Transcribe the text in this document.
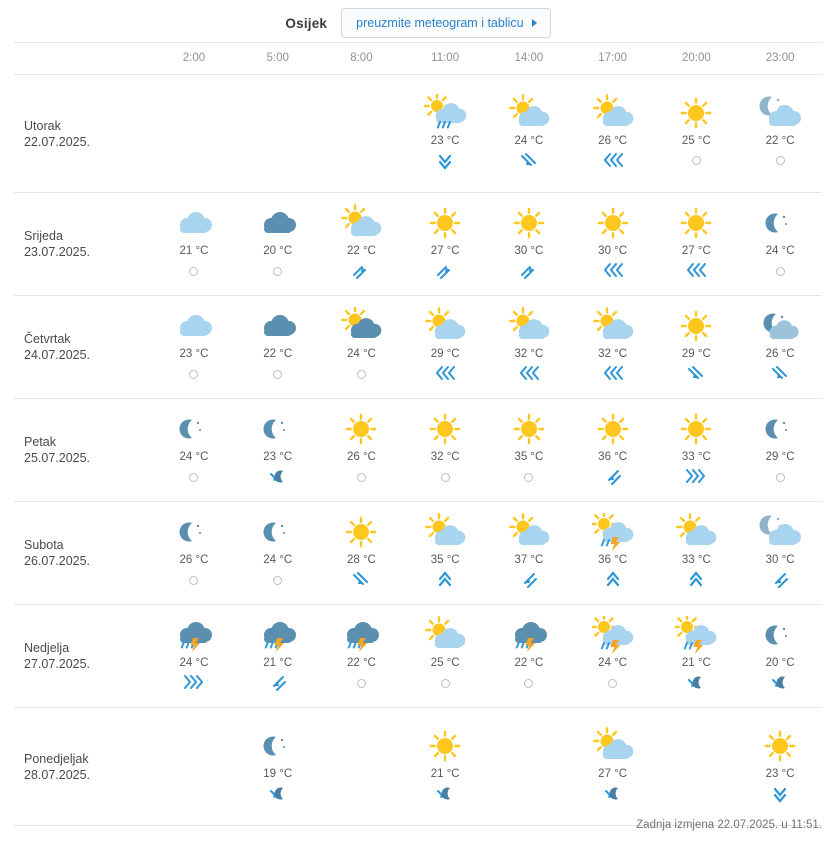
Osijek preuzmite meteogram i tablicu
	2:00	5:00	8:00	11:00	14:00	17:00	20:00	23:00

Utorak
22.07.2025.				23 °C	24 °C	26 °C	25 °C	22 °C

Srijeda
23.07.2025.	21 °C	20 °C	22 °C	27 °C	30 °C	30 °C	27 °C	24 °C

Četvrtak
24.07.2025.	23 °C	22 °C	24 °C	29 °C	32 °C	32 °C	29 °C	26 °C

Petak
25.07.2025.	24 °C	23 °C	26 °C	32 °C	35 °C	36 °C	33 °C	29 °C

Subota
26.07.2025.	26 °C	24 °C	28 °C	35 °C	37 °C	36 °C	33 °C	30 °C

Nedjelja
27.07.2025.	24 °C	21 °C	22 °C	25 °C	22 °C	24 °C	21 °C	20 °C

Ponedjeljak
28.07.2025.		19 °C		21 °C		27 °C		23 °C
Zadnja izmjena 22.07.2025. u 11:51.
